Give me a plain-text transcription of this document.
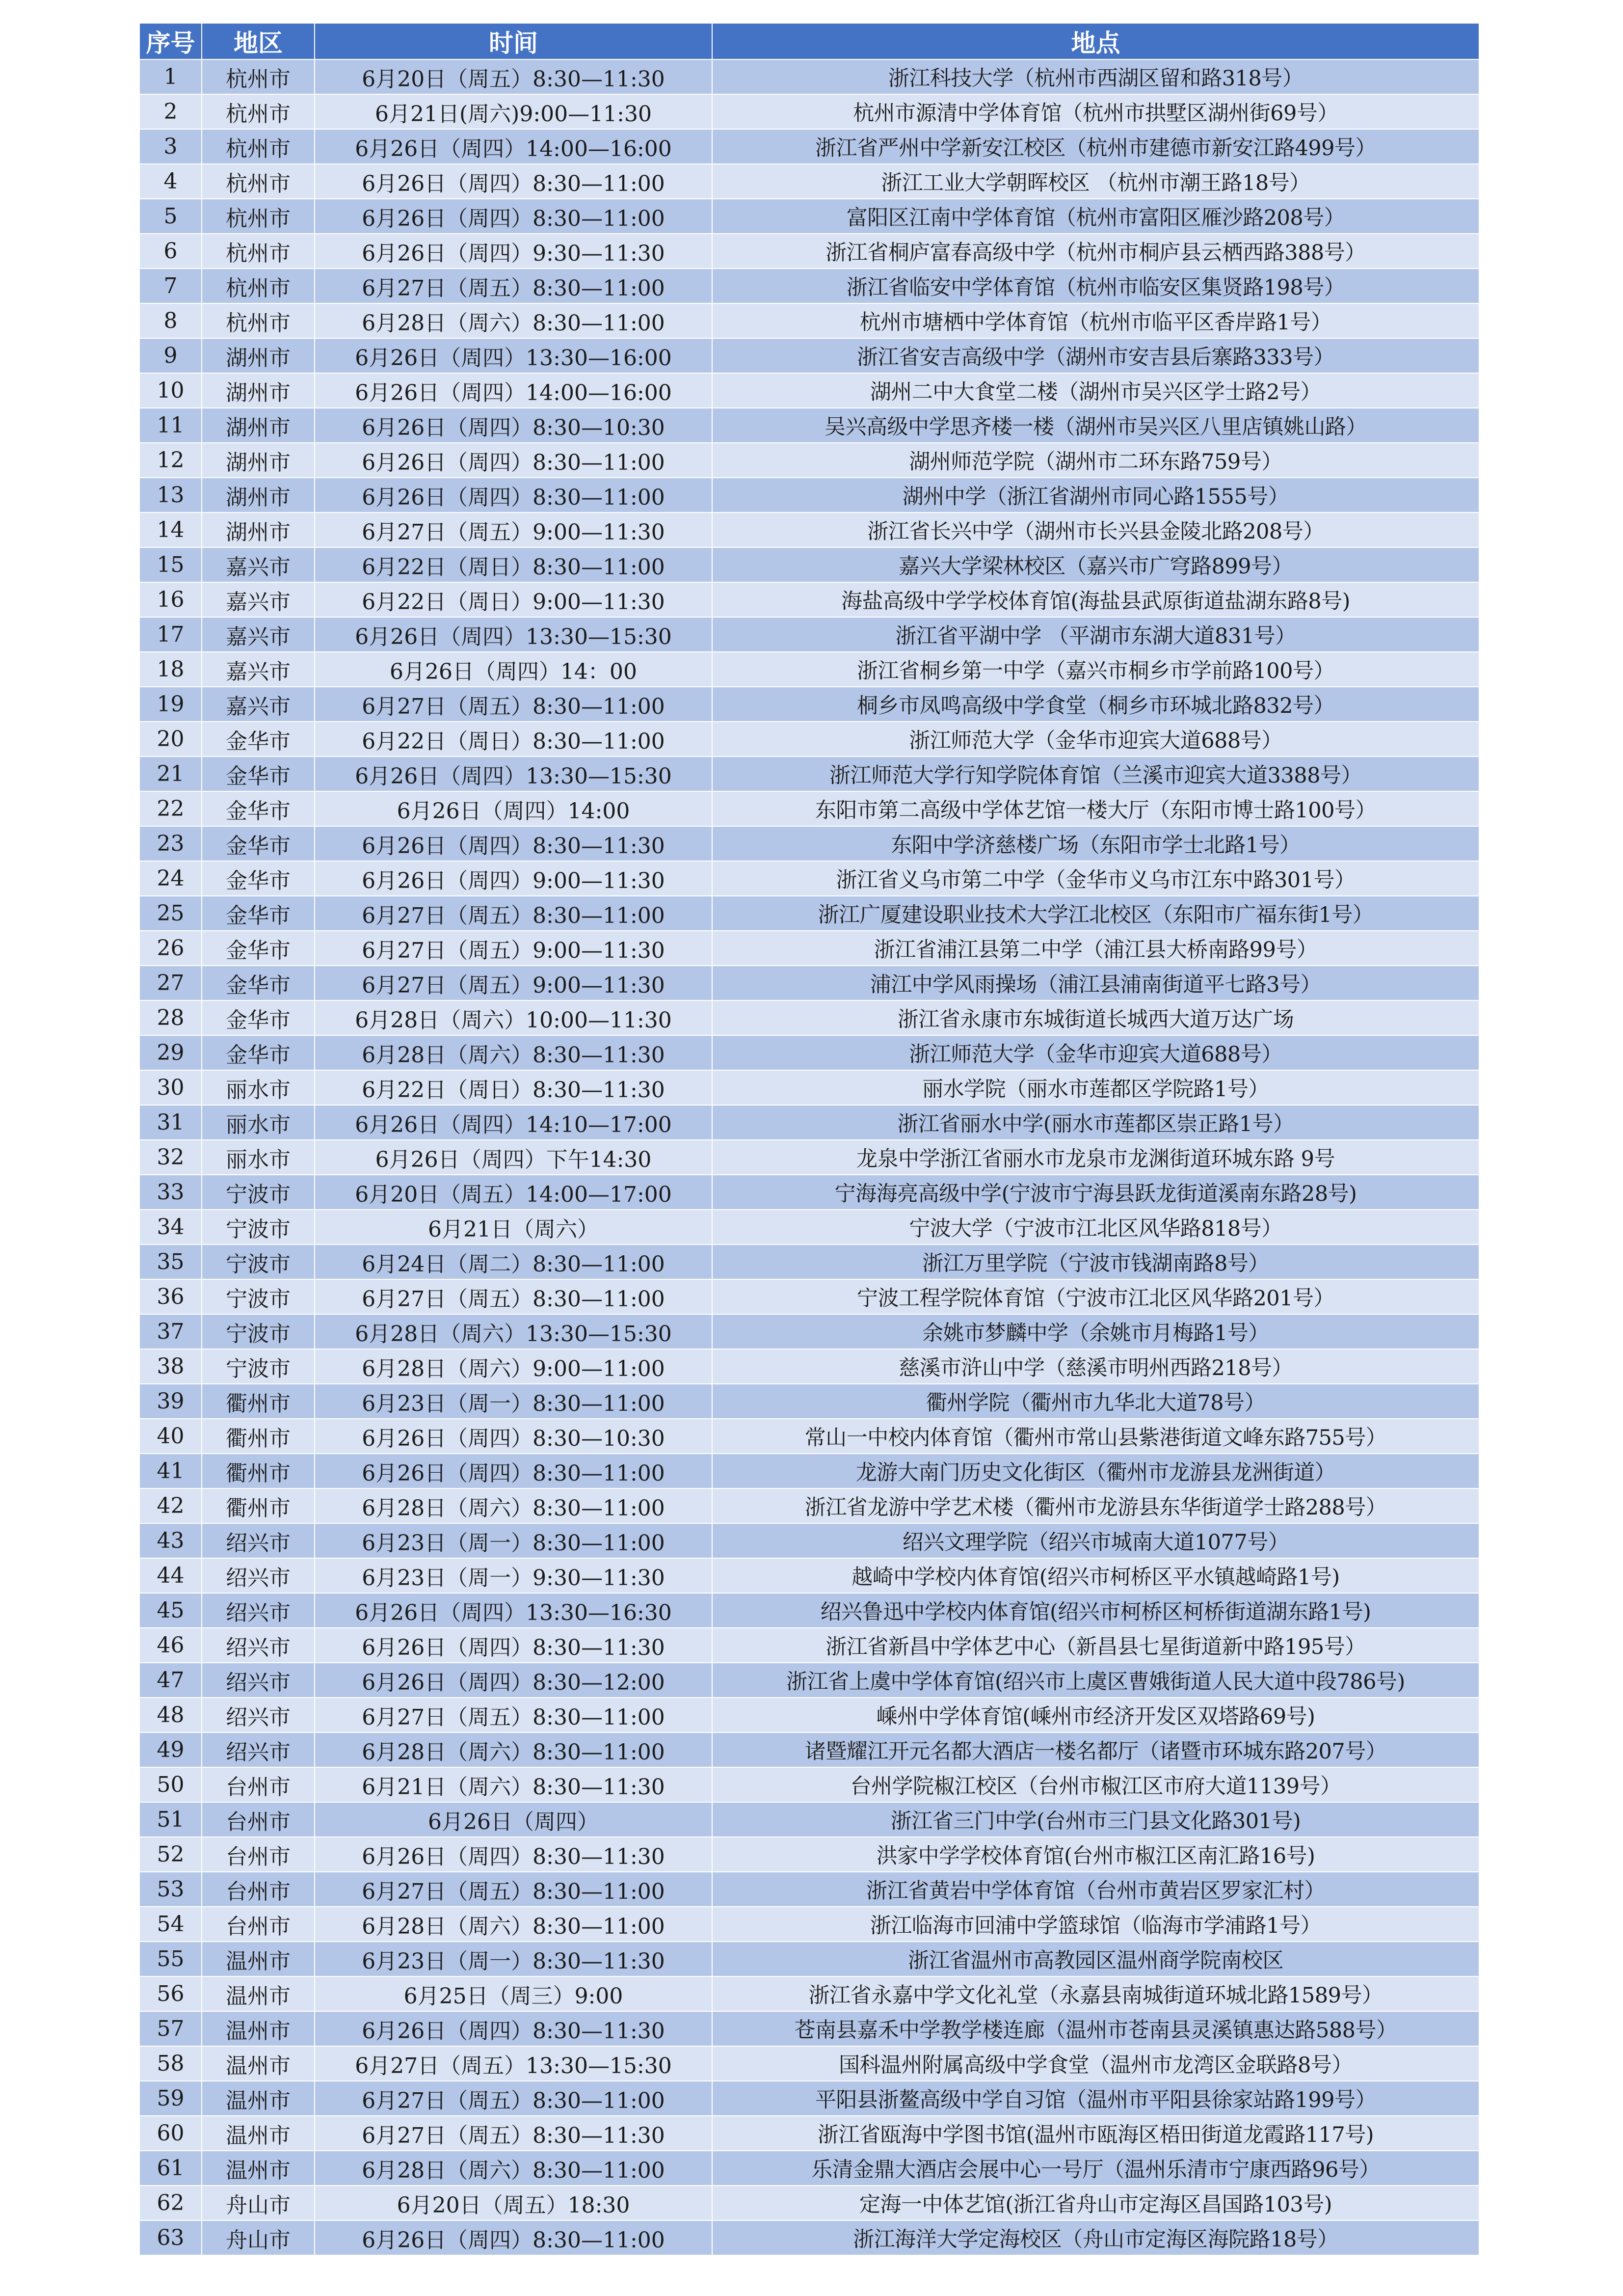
序号	地区	时间	地点
1	杭州市	6月20日（周五）8:30—11:30	浙江科技大学（杭州市西湖区留和路318号）
2	杭州市	6月21日(周六)9:00—11:30	杭州市源清中学体育馆（杭州市拱墅区湖州街69号）
3	杭州市	6月26日（周四）14:00—16:00	浙江省严州中学新安江校区（杭州市建德市新安江路499号）
4	杭州市	6月26日（周四）8:30—11:00	浙江工业大学朝晖校区 （杭州市潮王路18号）
5	杭州市	6月26日（周四）8:30—11:00	富阳区江南中学体育馆（杭州市富阳区雁沙路208号）
6	杭州市	6月26日（周四）9:30—11:30	浙江省桐庐富春高级中学（杭州市桐庐县云栖西路388号）
7	杭州市	6月27日（周五）8:30—11:00	浙江省临安中学体育馆（杭州市临安区集贤路198号）
8	杭州市	6月28日（周六）8:30—11:00	杭州市塘栖中学体育馆（杭州市临平区香岸路1号）
9	湖州市	6月26日（周四）13:30—16:00	浙江省安吉高级中学（湖州市安吉县后寨路333号）
10	湖州市	6月26日（周四）14:00—16:00	湖州二中大食堂二楼（湖州市吴兴区学士路2号）
11	湖州市	6月26日（周四）8:30—10:30	吴兴高级中学思齐楼一楼（湖州市吴兴区八里店镇姚山路）
12	湖州市	6月26日（周四）8:30—11:00	湖州师范学院（湖州市二环东路759号）
13	湖州市	6月26日（周四）8:30—11:00	湖州中学（浙江省湖州市同心路1555号）
14	湖州市	6月27日（周五）9:00—11:30	浙江省长兴中学（湖州市长兴县金陵北路208号）
15	嘉兴市	6月22日（周日）8:30—11:00	嘉兴大学梁林校区（嘉兴市广穹路899号）
16	嘉兴市	6月22日（周日）9:00—11:30	海盐高级中学学校体育馆(海盐县武原街道盐湖东路8号)
17	嘉兴市	6月26日（周四）13:30—15:30	浙江省平湖中学 （平湖市东湖大道831号）
18	嘉兴市	6月26日（周四）14：00	浙江省桐乡第一中学（嘉兴市桐乡市学前路100号）
19	嘉兴市	6月27日（周五）8:30—11:00	桐乡市凤鸣高级中学食堂（桐乡市环城北路832号）
20	金华市	6月22日（周日）8:30—11:00	浙江师范大学（金华市迎宾大道688号）
21	金华市	6月26日（周四）13:30—15:30	浙江师范大学行知学院体育馆（兰溪市迎宾大道3388号）
22	金华市	6月26日（周四）14:00	东阳市第二高级中学体艺馆一楼大厅（东阳市博士路100号）
23	金华市	6月26日（周四）8:30—11:30	东阳中学济慈楼广场（东阳市学士北路1号）
24	金华市	6月26日（周四）9:00—11:30	浙江省义乌市第二中学（金华市义乌市江东中路301号）
25	金华市	6月27日（周五）8:30—11:00	浙江广厦建设职业技术大学江北校区（东阳市广福东街1号）
26	金华市	6月27日（周五）9:00—11:30	浙江省浦江县第二中学（浦江县大桥南路99号）
27	金华市	6月27日（周五）9:00—11:30	浦江中学风雨操场（浦江县浦南街道平七路3号）
28	金华市	6月28日（周六）10:00—11:30	浙江省永康市东城街道长城西大道万达广场
29	金华市	6月28日（周六）8:30—11:30	浙江师范大学（金华市迎宾大道688号）
30	丽水市	6月22日（周日）8:30—11:30	丽水学院（丽水市莲都区学院路1号）
31	丽水市	6月26日（周四）14:10—17:00	浙江省丽水中学(丽水市莲都区崇正路1号）
32	丽水市	6月26日（周四）下午14:30	龙泉中学浙江省丽水市龙泉市龙渊街道环城东路 9号
33	宁波市	6月20日（周五）14:00—17:00	宁海海亮高级中学(宁波市宁海县跃龙街道溪南东路28号)
34	宁波市	6月21日（周六）	宁波大学（宁波市江北区风华路818号）
35	宁波市	6月24日（周二）8:30—11:00	浙江万里学院（宁波市钱湖南路8号）
36	宁波市	6月27日（周五）8:30—11:00	宁波工程学院体育馆（宁波市江北区风华路201号）
37	宁波市	6月28日（周六）13:30—15:30	余姚市梦麟中学（余姚市月梅路1号）
38	宁波市	6月28日（周六）9:00—11:00	慈溪市浒山中学（慈溪市明州西路218号）
39	衢州市	6月23日（周一）8:30—11:00	衢州学院（衢州市九华北大道78号）
40	衢州市	6月26日（周四）8:30—10:30	常山一中校内体育馆（衢州市常山县紫港街道文峰东路755号）
41	衢州市	6月26日（周四）8:30—11:00	龙游大南门历史文化街区（衢州市龙游县龙洲街道）
42	衢州市	6月28日（周六）8:30—11:00	浙江省龙游中学艺术楼（衢州市龙游县东华街道学士路288号）
43	绍兴市	6月23日（周一）8:30—11:00	绍兴文理学院（绍兴市城南大道1077号）
44	绍兴市	6月23日（周一）9:30—11:30	越崎中学校内体育馆(绍兴市柯桥区平水镇越崎路1号)
45	绍兴市	6月26日（周四）13:30—16:30	绍兴鲁迅中学校内体育馆(绍兴市柯桥区柯桥街道湖东路1号)
46	绍兴市	6月26日（周四）8:30—11:30	浙江省新昌中学体艺中心（新昌县七星街道新中路195号）
47	绍兴市	6月26日（周四）8:30—12:00	浙江省上虞中学体育馆(绍兴市上虞区曹娥街道人民大道中段786号)
48	绍兴市	6月27日（周五）8:30—11:00	嵊州中学体育馆(嵊州市经济开发区双塔路69号)
49	绍兴市	6月28日（周六）8:30—11:00	诸暨耀江开元名都大酒店一楼名都厅（诸暨市环城东路207号）
50	台州市	6月21日（周六）8:30—11:30	台州学院椒江校区（台州市椒江区市府大道1139号）
51	台州市	6月26日（周四）	浙江省三门中学(台州市三门县文化路301号)
52	台州市	6月26日（周四）8:30—11:30	洪家中学学校体育馆(台州市椒江区南汇路16号)
53	台州市	6月27日（周五）8:30—11:00	浙江省黄岩中学体育馆（台州市黄岩区罗家汇村）
54	台州市	6月28日（周六）8:30—11:00	浙江临海市回浦中学篮球馆（临海市学浦路1号）
55	温州市	6月23日（周一）8:30—11:30	浙江省温州市高教园区温州商学院南校区
56	温州市	6月25日（周三）9:00	浙江省永嘉中学文化礼堂（永嘉县南城街道环城北路1589号）
57	温州市	6月26日（周四）8:30—11:30	苍南县嘉禾中学教学楼连廊（温州市苍南县灵溪镇惠达路588号）
58	温州市	6月27日（周五）13:30—15:30	国科温州附属高级中学食堂（温州市龙湾区金联路8号）
59	温州市	6月27日（周五）8:30—11:00	平阳县浙鳌高级中学自习馆（温州市平阳县徐家站路199号）
60	温州市	6月27日（周五）8:30—11:30	浙江省瓯海中学图书馆(温州市瓯海区梧田街道龙霞路117号)
61	温州市	6月28日（周六）8:30—11:00	乐清金鼎大酒店会展中心一号厅（温州乐清市宁康西路96号）
62	舟山市	6月20日（周五）18:30	定海一中体艺馆(浙江省舟山市定海区昌国路103号)
63	舟山市	6月26日（周四）8:30—11:00	浙江海洋大学定海校区（舟山市定海区海院路18号）
